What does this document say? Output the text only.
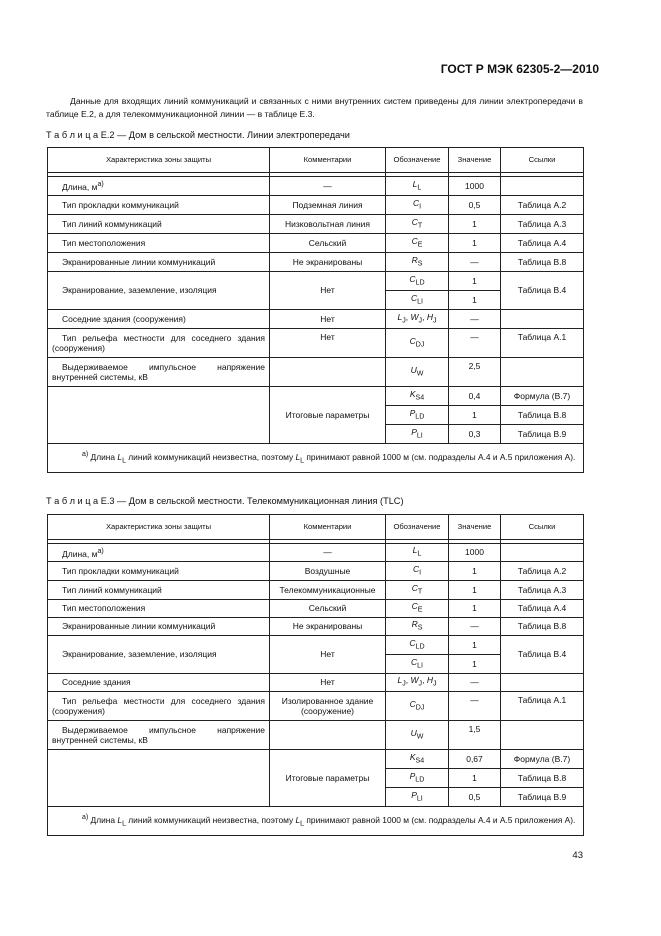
ГОСТ Р МЭК 62305-2—2010
Данные для входящих линий коммуникаций и связанных с ними внутренних систем приведены для линии электропередачи в таблице Е.2, а для телекоммуникационной линии — в таблице Е.3.
Т а б л и ц а Е.2 — Дом в сельской местности. Линии электропередачи
Характеристика зоны защиты	Комментарии	Обозначение	Значение	Ссылки

Длина, $м^{a)}$	—	$L_L$	1000	
Тип прокладки коммуникаций	Подземная линия	$C_I$	0,5	Таблица А.2
Тип линий коммуникаций	Низковольтная линия	$C_T$	1	Таблица А.3
Тип местоположения	Сельский	$C_E$	1	Таблица А.4
Экранированные линии коммуникаций	Не экранированы	$R_S$	—	Таблица В.8
Экранирование, заземление, изоляция	Нет	$C_{LD}$	1	Таблица В.4
		$C_{LI}$	1	
Соседние здания (сооружения)	Нет	$L_J$, $W_J$, $H_J$	—	
Тип рельефа местности для соседнего здания (сооружения)	Нет	$C_{DJ}$	—	Таблица А.1
Выдерживаемое импульсное напряжение внутренней системы, кВ		$U_W$	2,5	
	Итоговые параметры	$K_{S4}$	0,4	Формула (В.7)
		$P_{LD}$	1	Таблица В.8
		$P_{LI}$	0,3	Таблица В.9
$^{a)}$ Длина $L_L$ линий коммуникаций неизвестна, поэтому $L_L$ принимают равной 1000 м (см. подразделы А.4 и А.5 приложения А).				
Т а б л и ц а Е.3 — Дом в сельской местности. Телекоммуникационная линия (TLC)
Характеристика зоны защиты	Комментарии	Обозначение	Значение	Ссылки

Длина, $м^{a)}$	—	$L_L$	1000	
Тип прокладки коммуникаций	Воздушные	$C_I$	1	Таблица А.2
Тип линий коммуникаций	Телекоммуникационные	$C_T$	1	Таблица А.3
Тип местоположения	Сельский	$C_E$	1	Таблица А.4
Экранированные линии коммуникаций	Не экранированы	$R_S$	—	Таблица В.8
Экранирование, заземление, изоляция	Нет	$C_{LD}$	1	Таблица В.4
		$C_{LI}$	1	
Соседние здания	Нет	$L_J$, $W_J$, $H_J$	—	
Тип рельефа местности для соседнего здания (сооружения)	Изолированное здание (сооружение)	$C_{DJ}$	—	Таблица А.1
Выдерживаемое импульсное напряжение внутренней системы, кВ		$U_W$	1,5	
	Итоговые параметры	$K_{S4}$	0,67	Формула (В.7)
		$P_{LD}$	1	Таблица В.8
		$P_{LI}$	0,5	Таблица В.9
$^{a)}$ Длина $L_L$ линий коммуникаций неизвестна, поэтому $L_L$ принимают равной 1000 м (см. подразделы А.4 и А.5 приложения А).				
43
